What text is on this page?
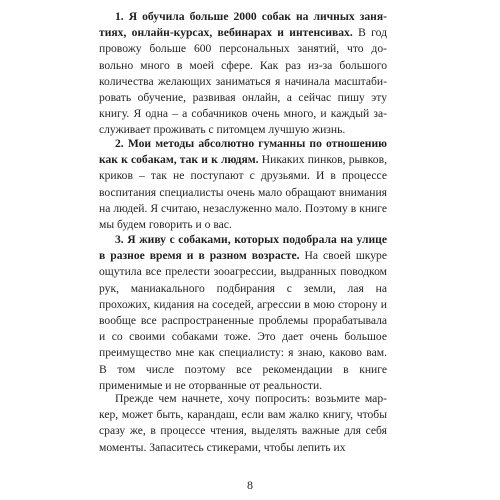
1. Я обучила больше 2000 собак на личных занятиях, онлайн-курсах, вебинарах и интенсивах. В год провожу больше 600 персональных занятий, что довольно много в моей сфере. Как раз из-за большого количества желающих заниматься я начинала масштабировать обучение, развивая онлайн, а сейчас пишу эту книгу. Я одна – а собачников очень много, и каждый заслуживает проживать с питомцем лучшую жизнь.

2. Мои методы абсолютно гуманны по отношению как к собакам, так и к людям. Никаких пинков, рывков, криков – так не поступают с друзьями. И в процессе воспитания специалисты очень мало обращают внимания на людей. Я считаю, незаслуженно мало. Поэтому в книге мы будем говорить и о вас.

3. Я живу с собаками, которых подобрала на улице в разное время и в разном возрасте. На своей шкуре ощутила все прелести зооагрессии, выдранных поводком рук, маниакального подбирания с земли, лая на прохожих, кидания на соседей, агрессии в мою сторону и вообще все распространенные проблемы прорабатывала и со своими собаками тоже. Это дает очень большое преимущество мне как специалисту: я знаю, каково вам. В том числе поэтому все рекомендации в книге применимые и не оторванные от реальности.

Прежде чем начнете, хочу попросить: возьмите маркер, может быть, карандаш, если вам жалко книгу, чтобы сразу же, в процессе чтения, выделять важные для себя моменты. Запаситесь стикерами, чтобы лепить их

8
